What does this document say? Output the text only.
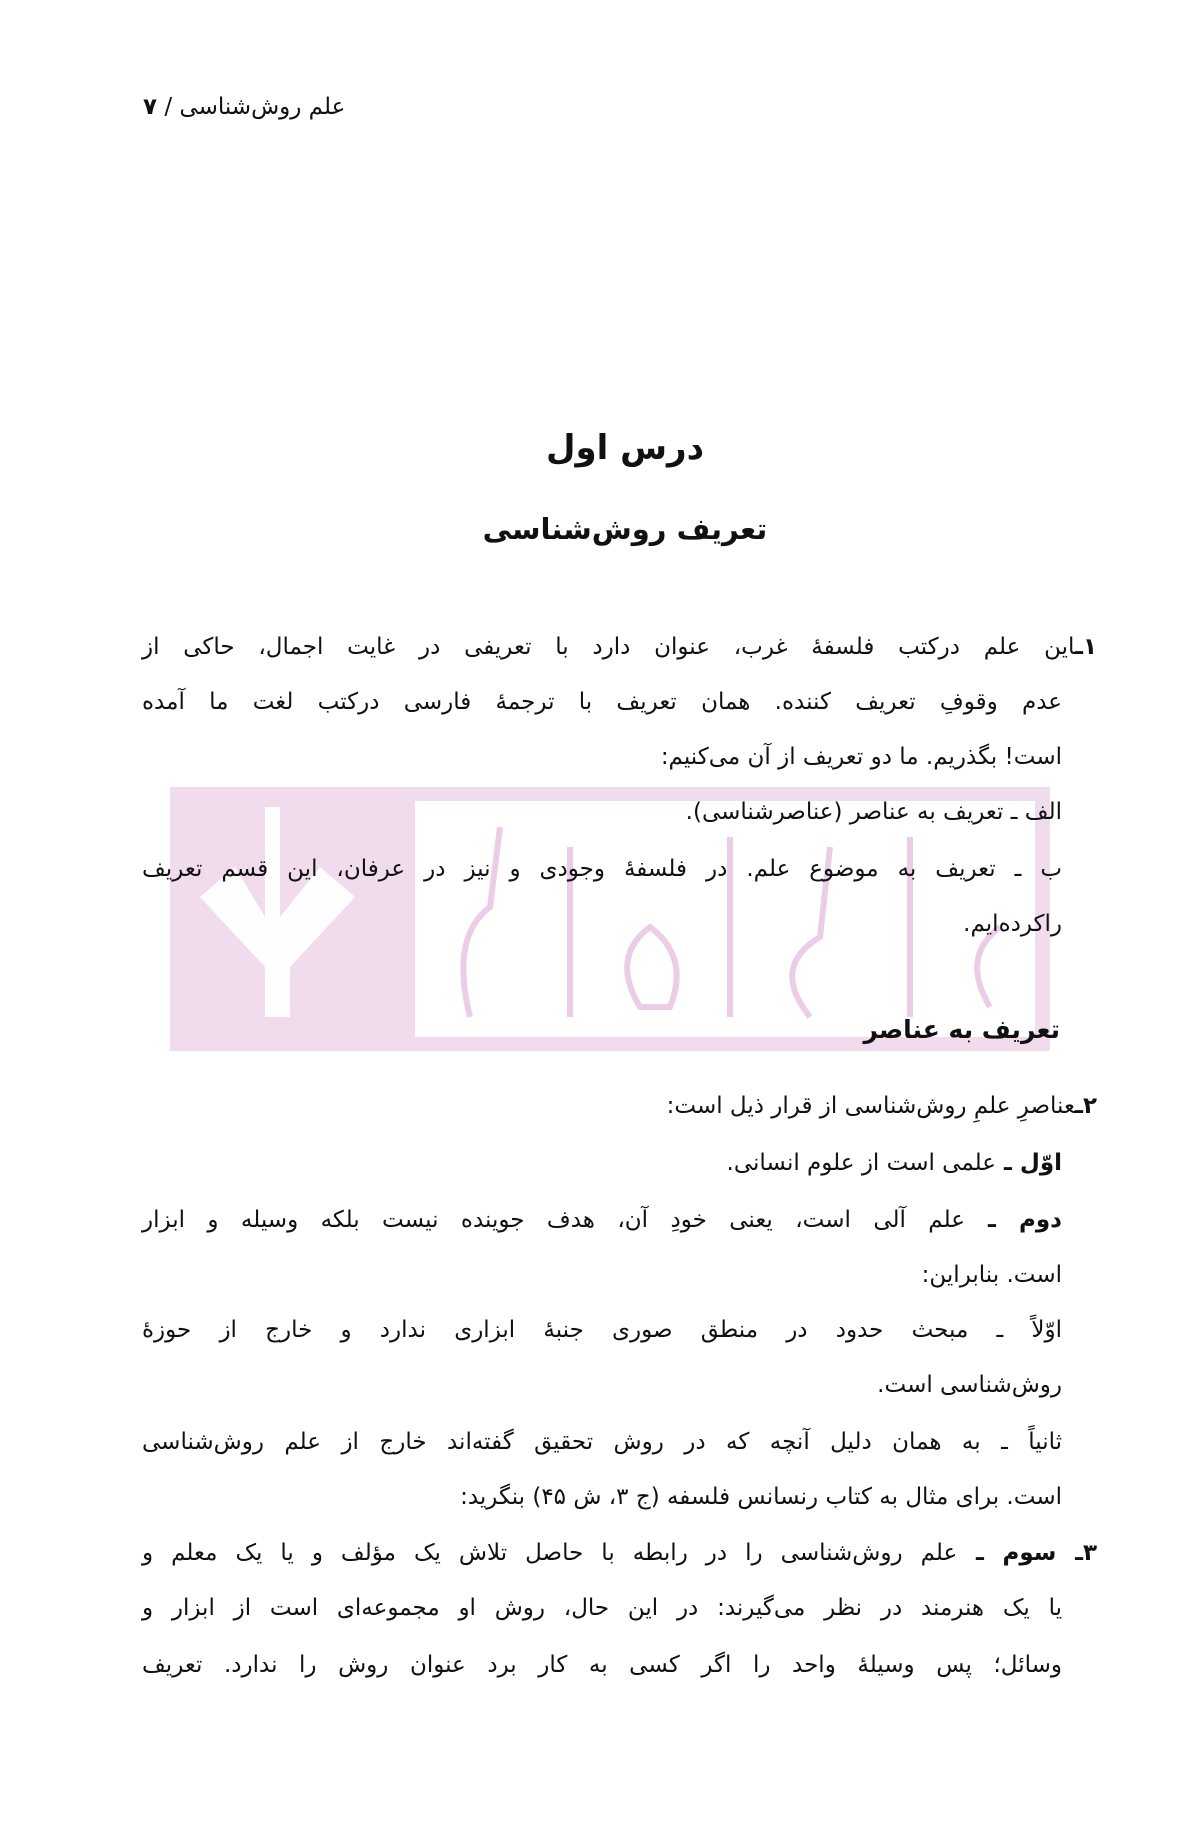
علم روش‌شناسی / ۷
درس اول
تعریف روش‌شناسی
تعریف به عناصر
۱ـاین علم درکتب فلسفهٔ غرب، عنوان دارد با تعریفی در غایت اجمال، حاکی از
عدم وقوفِ تعریف کننده. همان تعریف با ترجمهٔ فارسی درکتب لغت ما آمده
است! بگذریم. ما دو تعریف از آن می‌کنیم:
الف ـ تعریف به عناصر (عناصرشناسی).
ب ـ تعریف به موضوع علم. در فلسفهٔ وجودی و نیز در عرفان، این قسم تعریف
راکرده‌ایم.
۲ـعناصرِ علمِ روش‌شناسی از قرار ذیل است:
اوّل ـ علمی است از علوم انسانی.
دوم ـ علم آلی است، یعنی خودِ آن، هدف جوینده نیست بلکه وسیله و ابزار
است. بنابراین:
اوّلاً ـ مبحث حدود در منطق صوری جنبهٔ ابزاری ندارد و خارج از حوزهٔ
روش‌شناسی است.
ثانیاً ـ به همان دلیل آنچه که در روش تحقیق گفته‌اند خارج از علم روش‌شناسی
است. برای مثال به کتاب رنسانس فلسفه (ج ۳، ش ۴۵) بنگرید:
۳ـ سوم ـ علم روش‌شناسی را در رابطه با حاصل تلاش یک مؤلف و یا یک معلم و
یا یک هنرمند در نظر می‌گیرند: در این حال، روش او مجموعه‌ای است از ابزار و
وسائل؛ پس وسیلهٔ واحد را اگر کسی به کار برد عنوان روش را ندارد. تعریف
